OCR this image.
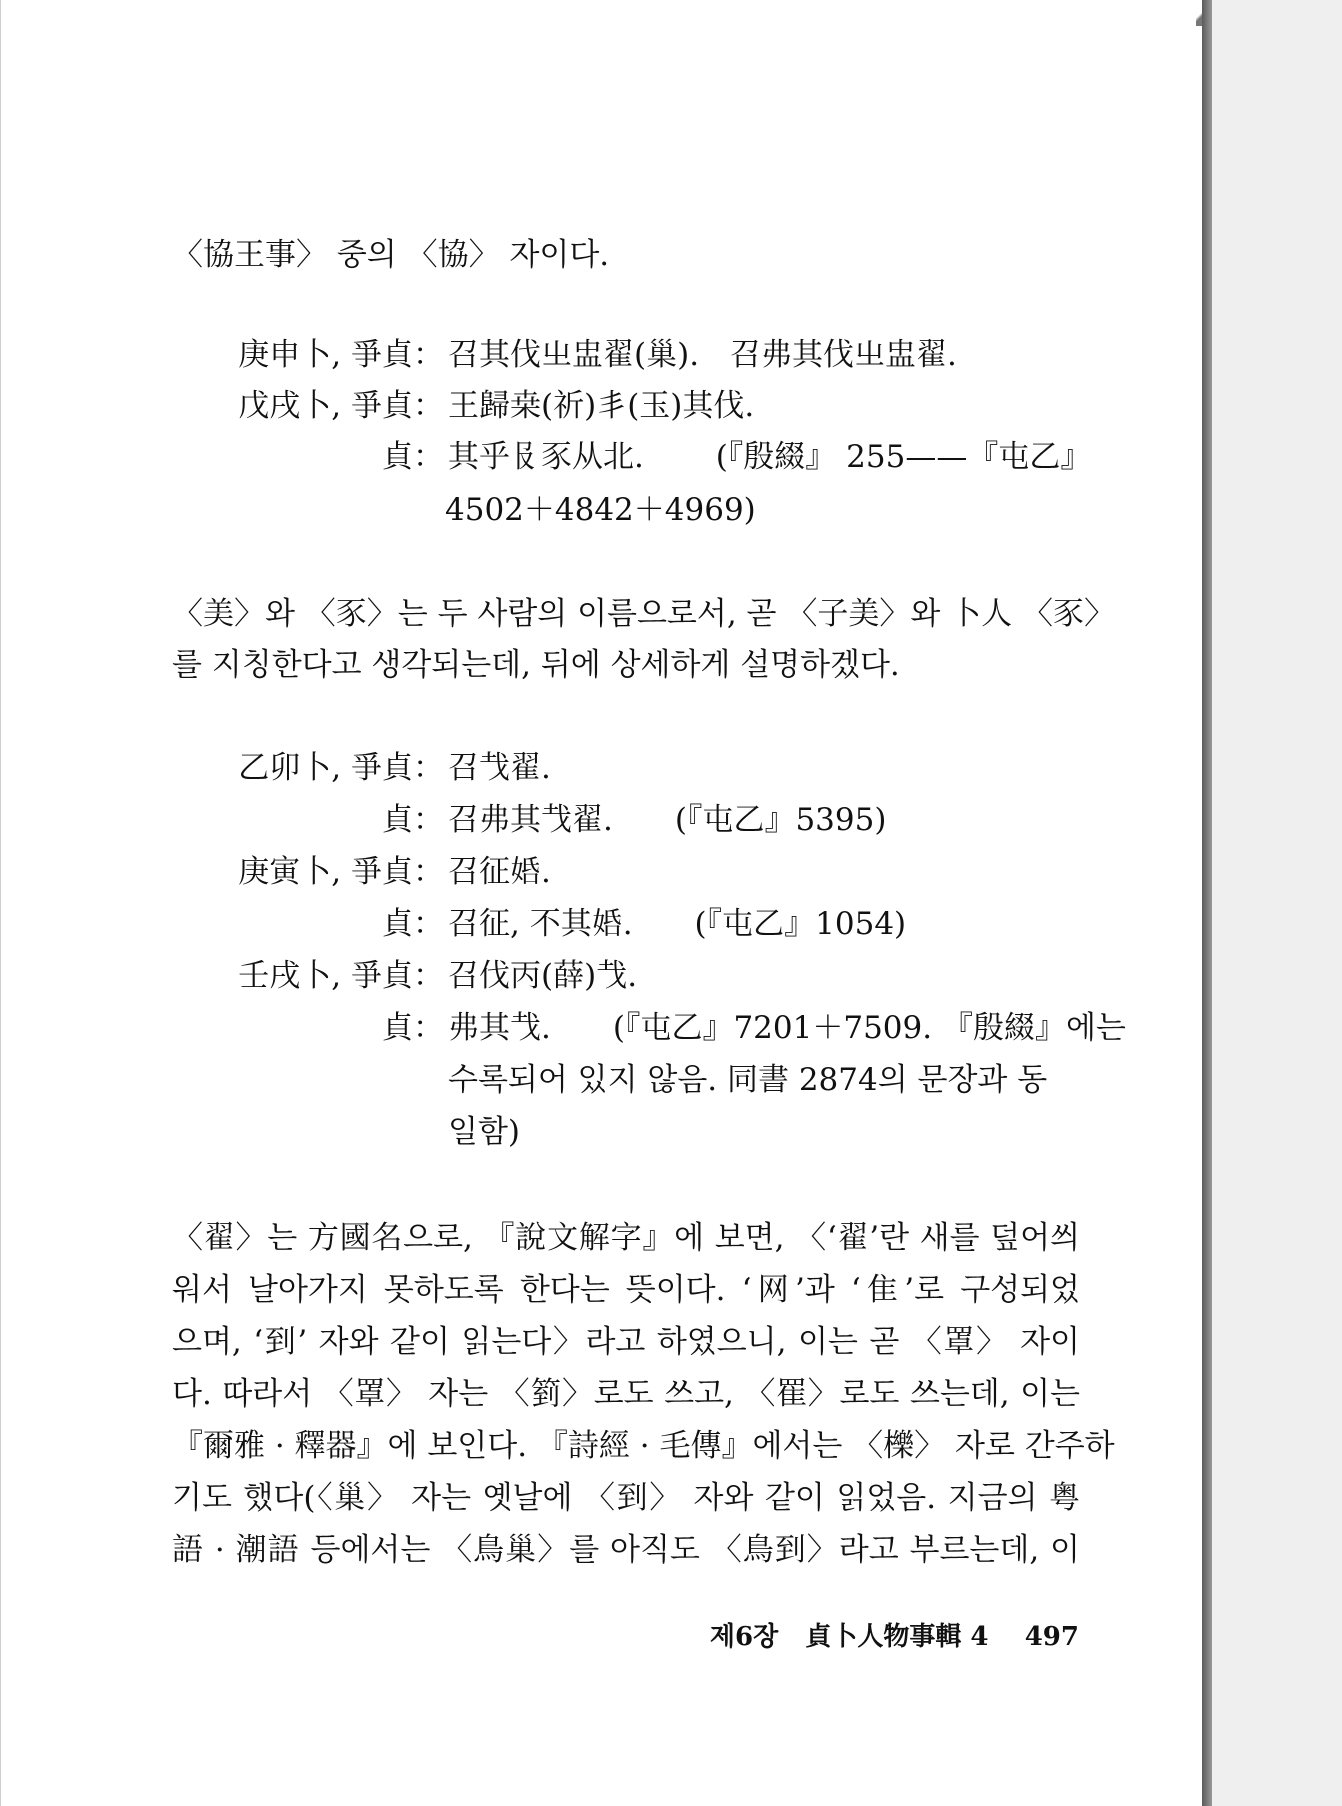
〈協王事〉 중의 〈協〉 자이다.
庚申卜, 爭貞： 召其伐㞢盅翟(巢).　召弗其伐㞢盅翟.
戊戌卜, 爭貞： 王歸桒(祈)丯(玉)其伐.
貞： 其乎𠬝豕从北.　　 (『殷綴』 255——『屯乙』
4502＋4842＋4969)
〈美〉와 〈豕〉는 두 사람의 이름으로서, 곧 〈子美〉와 卜人 〈豕〉
를 지칭한다고 생각되는데, 뒤에 상세하게 설명하겠다.
乙卯卜, 爭貞： 召𢦏翟.
貞： 召弗其𢦏翟.　　(『屯乙』5395)
庚寅卜, 爭貞： 召征𡜶.
貞： 召征, 不其𡜶.　　(『屯乙』1054)
壬戌卜, 爭貞： 召伐丙(薛)𢦏.
貞： 弗其𢦏.　　(『屯乙』7201＋7509. 『殷綴』에는
수록되어 있지 않음. 同書 2874의 문장과 동
일함)
〈翟〉는 方國名으로, 『說文解字』에 보면, 〈‘翟’란 새를 덮어씌
워서 날아가지 못하도록 한다는 뜻이다. ‘网’과 ‘隹’로 구성되었
으며, ‘到’ 자와 같이 읽는다〉라고 하였으니, 이는 곧 〈罩〉 자이
다. 따라서 〈罩〉 자는 〈箌〉로도 쓰고, 〈䍜〉로도 쓰는데, 이는
『爾雅 · 釋器』에 보인다. 『詩經 · 毛傳』에서는 〈櫟〉 자로 간주하
기도 했다(〈巢〉 자는 옛날에 〈到〉 자와 같이 읽었음. 지금의 粤
語 · 潮語 등에서는 〈鳥巢〉를 아직도 〈鳥到〉라고 부르는데, 이
제6장 貞卜人物事輯 4 497
